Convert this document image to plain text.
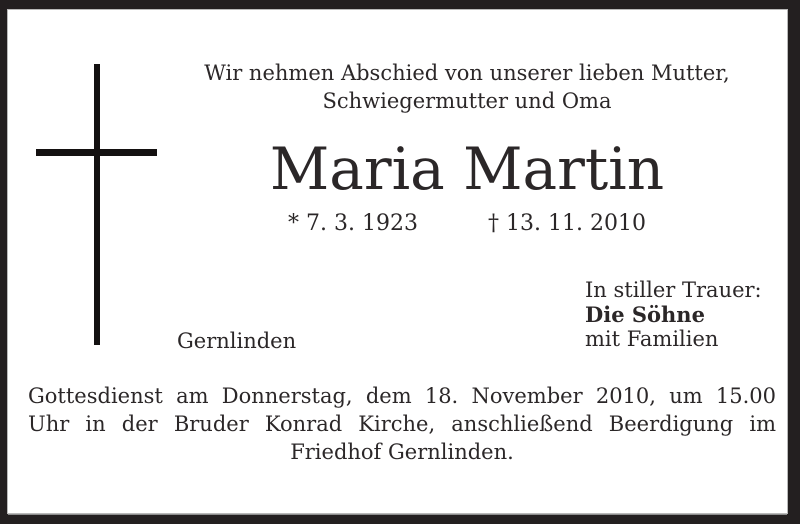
Wir nehmen Abschied von unserer lieben Mutter,
Schwiegermutter und Oma
Maria Martin
* 7. 3. 1923	† 13. 11. 2010
Gernlinden
In stiller Trauer:
Die Söhne
mit Familien
Gottesdienst am Donnerstag, dem 18. November 2010, um 15.00
Uhr in der Bruder Konrad Kirche, anschließend Beerdigung im
Friedhof Gernlinden.
